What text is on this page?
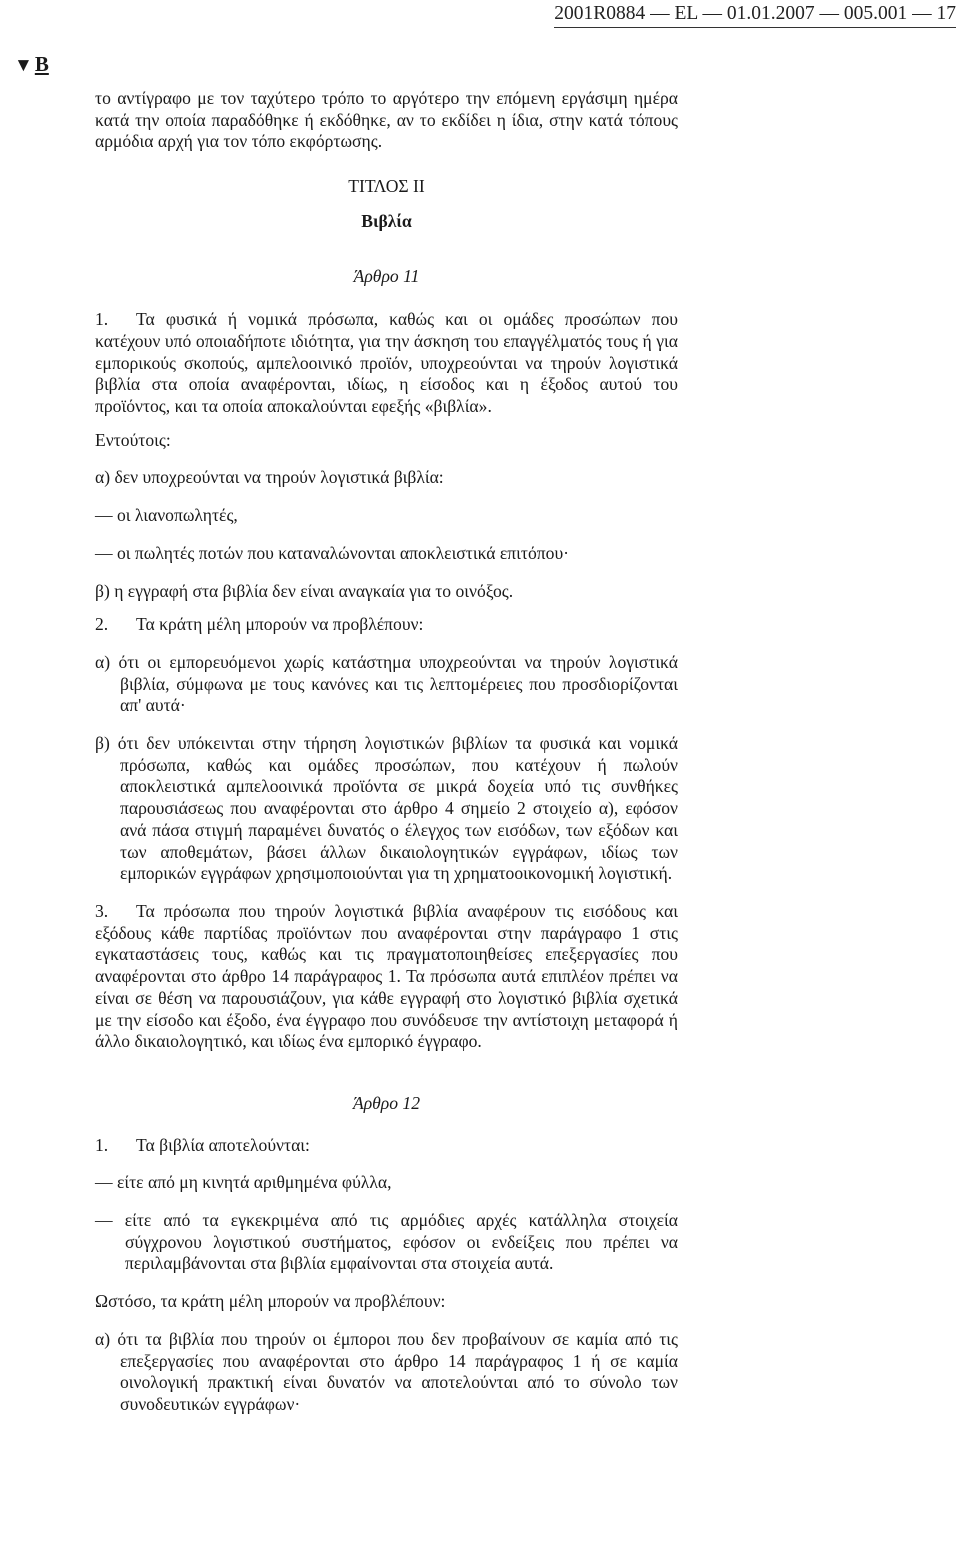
2001R0884 — EL — 01.01.2007 — 005.001 — 17
▼B

το αντίγραφο με τον ταχύτερο τρόπο το αργότερο την επόμενη εργάσιμη ημέρα κατά την οποία παραδόθηκε ή εκδόθηκε, αν το εκδίδει η ίδια, στην κατά τόπους αρμόδια αρχή για τον τόπο εκφόρτωσης.

ΤΙΤΛΟΣ ΙΙ

Βιβλία

Άρθρο 11

1. Τα φυσικά ή νομικά πρόσωπα, καθώς και οι ομάδες προσώπων που κατέχουν υπό οποιαδήποτε ιδιότητα, για την άσκηση του επαγγέλματός τους ή για εμπορικούς σκοπούς, αμπελοοινικό προϊόν, υποχρεούνται να τηρούν λογιστικά βιβλία στα οποία αναφέρονται, ιδίως, η είσοδος και η έξοδος αυτού του προϊόντος, και τα οποία αποκαλούνται εφεξής «βιβλία».

Εντούτοις:

α) δεν υποχρεούνται να τηρούν λογιστικά βιβλία:

— οι λιανοπωλητές,

— οι πωλητές ποτών που καταναλώνονται αποκλειστικά επιτόπου·

β) η εγγραφή στα βιβλία δεν είναι αναγκαία για το οινόξος.

2. Τα κράτη μέλη μπορούν να προβλέπουν:

α) ότι οι εμπορευόμενοι χωρίς κατάστημα υποχρεούνται να τηρούν λογιστικά βιβλία, σύμφωνα με τους κανόνες και τις λεπτομέρειες που προσδιορίζονται απ' αυτά·

β) ότι δεν υπόκεινται στην τήρηση λογιστικών βιβλίων τα φυσικά και νομικά πρόσωπα, καθώς και ομάδες προσώπων, που κατέχουν ή πωλούν αποκλειστικά αμπελοοινικά προϊόντα σε μικρά δοχεία υπό τις συνθήκες παρουσιάσεως που αναφέρονται στο άρθρο 4 σημείο 2 στοιχείο α), εφόσον ανά πάσα στιγμή παραμένει δυνατός ο έλεγχος των εισόδων, των εξόδων και των αποθεμάτων, βάσει άλλων δικαιολογητικών εγγράφων, ιδίως των εμπορικών εγγράφων χρησιμοποιούνται για τη χρηματοοικονομική λογιστική.

3. Τα πρόσωπα που τηρούν λογιστικά βιβλία αναφέρουν τις εισόδους και εξόδους κάθε παρτίδας προϊόντων που αναφέρονται στην παράγραφο 1 στις εγκαταστάσεις τους, καθώς και τις πραγματοποιηθείσες επεξεργασίες που αναφέρονται στο άρθρο 14 παράγραφος 1. Τα πρόσωπα αυτά επιπλέον πρέπει να είναι σε θέση να παρουσιάζουν, για κάθε εγγραφή στο λογιστικό βιβλία σχετικά με την είσοδο και έξοδο, ένα έγγραφο που συνόδευσε την αντίστοιχη μεταφορά ή άλλο δικαιολογητικό, και ιδίως ένα εμπορικό έγγραφο.

Άρθρο 12

1. Τα βιβλία αποτελούνται:

— είτε από μη κινητά αριθμημένα φύλλα,

— είτε από τα εγκεκριμένα από τις αρμόδιες αρχές κατάλληλα στοιχεία σύγχρονου λογιστικού συστήματος, εφόσον οι ενδείξεις που πρέπει να περιλαμβάνονται στα βιβλία εμφαίνονται στα στοιχεία αυτά.

Ωστόσο, τα κράτη μέλη μπορούν να προβλέπουν:

α) ότι τα βιβλία που τηρούν οι έμποροι που δεν προβαίνουν σε καμία από τις επεξεργασίες που αναφέρονται στο άρθρο 14 παράγραφος 1 ή σε καμία οινολογική πρακτική είναι δυνατόν να αποτελούνται από το σύνολο των συνοδευτικών εγγράφων·
